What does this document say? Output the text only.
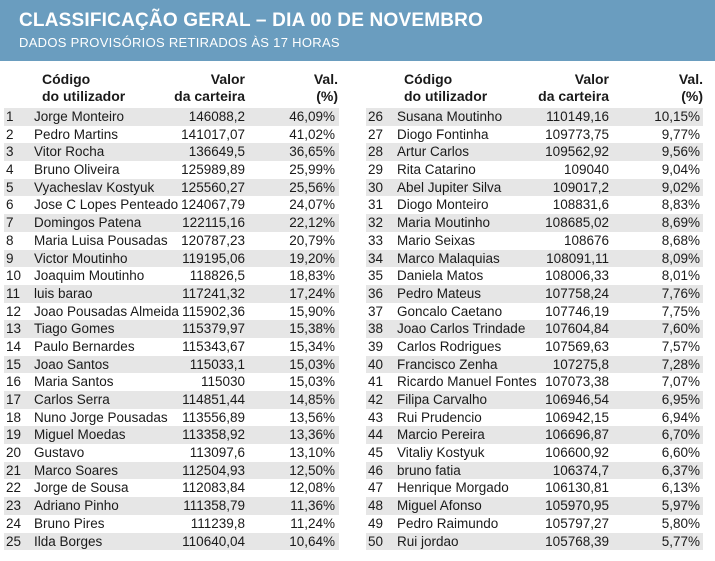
CLASSIFICAÇÃO GERAL – DIA 00 DE NOVEMBRO
DADOS PROVISÓRIOS RETIRADOS ÀS 17 HORAS
Código
do utilizador
Valor
da carteira
Val.
(%)
1 Jorge Monteiro	146088,2	46,09%
2 Pedro Martins	141017,07	41,02%
3 Vitor Rocha	136649,5	36,65%
4 Bruno Oliveira	125989,89	25,99%
5 Vyacheslav Kostyuk 125560,27	25,56%
6 Jose C Lopes Penteado 124067,79	24,07%
7 Domingos Patena	122115,16	22,12%
8 Maria Luisa Pousadas 120787,23	20,79%
9 Victor Moutinho	119195,06	19,20%
10 Joaquim Moutinho	118826,5	18,83%
11 luis barao	117241,32	17,24%
12 Joao Pousadas Almeida 115902,36	15,90%
13 Tiago Gomes	115379,97	15,38%
14 Paulo Bernardes	115343,67	15,34%
15 Joao Santos	115033,1	15,03%
16 Maria Santos	115030	15,03%
17 Carlos Serra	114851,44	14,85%
18 Nuno Jorge Pousadas 113556,89	13,56%
19 Miguel Moedas	113358,92	13,36%
20 Gustavo	113097,6	13,10%
21 Marco Soares	112504,93	12,50%
22 Jorge de Sousa	112083,84	12,08%
23 Adriano Pinho	111358,79	11,36%
24 Bruno Pires	111239,8	11,24%
25 Ilda Borges	110640,04	10,64%
Código
do utilizador
Valor
da carteira
Val.
(%)
26 Susana Moutinho	110149,16	10,15%
27 Diogo Fontinha	109773,75	9,77%
28 Artur Carlos	109562,92	9,56%
29 Rita Catarino	109040	9,04%
30 Abel Jupiter Silva	109017,2	9,02%
31 Diogo Monteiro	108831,6	8,83%
32 Maria Moutinho	108685,02	8,69%
33 Mario Seixas	108676	8,68%
34 Marco Malaquias	108091,11	8,09%
35 Daniela Matos	108006,33	8,01%
36 Pedro Mateus	107758,24	7,76%
37 Goncalo Caetano	107746,19	7,75%
38 Joao Carlos Trindade 107604,84	7,60%
39 Carlos Rodrigues	107569,63	7,57%
40 Francisco Zenha	107275,8	7,28%
41 Ricardo Manuel Fontes 107073,38	7,07%
42 Filipa Carvalho	106946,54	6,95%
43 Rui Prudencio	106942,15	6,94%
44 Marcio Pereira	106696,87	6,70%
45 Vitaliy Kostyuk	106600,92	6,60%
46 bruno fatia	106374,7	6,37%
47 Henrique Morgado	106130,81	6,13%
48 Miguel Afonso	105970,95	5,97%
49 Pedro Raimundo	105797,27	5,80%
50 Rui jordao	105768,39	5,77%
